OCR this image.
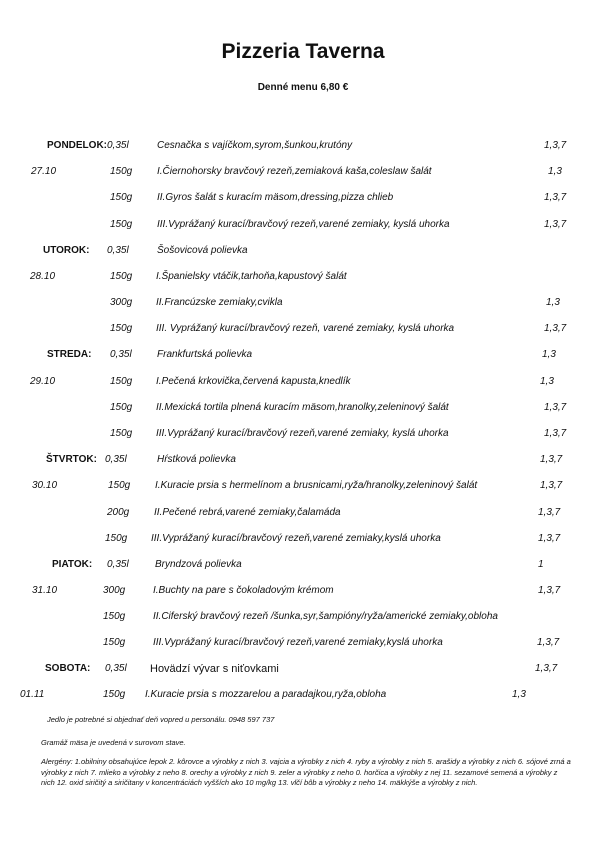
Pizzeria Taverna
Denné menu 6,80 €
PONDELOK: 0,35l	Cesnačka s vajíčkom,syrom,šunkou,krutóny	1,3,7
27.10	150g I.Čiernohorsky bravčový rezeň,zemiaková kaša,coleslaw šalát	1,3
150g II.Gyros šalát s kuracím mäsom,dressing,pizza chlieb	1,3,7
150g III.Vyprážaný kurací/bravčový rezeň,varené zemiaky, kyslá uhorka	1,3,7
UTOROK: 0,35l	Šošovicová polievka
28.10	150g I.Španielsky vtáčik,tarhoňa,kapustový šalát
300g II.Francúzske zemiaky,cvikla	1,3
150g III. Vyprážaný kurací/bravčový rezeň, varené zemiaky, kyslá uhorka	1,3,7
STREDA: 0,35l	Frankfurtská polievka	1,3
29.10	150g I.Pečená krkovička,červená kapusta,knedlík	1,3
150g II.Mexická tortila plnená kuracím mäsom,hranolky,zeleninový šalát	1,3,7
150g III.Vyprážaný kurací/bravčový rezeň,varené zemiaky, kyslá uhorka	1,3,7
ŠTVRTOK: 0,35l	Hŕstková polievka	1,3,7
30.10	150g I.Kuracie prsia s hermelínom a brusnicami,ryža/hranolky,zeleninový šalát	1,3,7
200g II.Pečené rebrá,varené zemiaky,čalamáda	1,3,7
150g III.Vyprážaný kurací/bravčový rezeň,varené zemiaky,kyslá uhorka	1,3,7
PIATOK: 0,35l	Bryndzová polievka	1
31.10	300g	I.Buchty na pare s čokoladovým krémom	1,3,7
150g	II.Ciferský bravčový rezeň /šunka,syr,šampióny/ryža/americké zemiaky,obloha
150g	III.Vyprážaný kurací/bravčový rezeň,varené zemiaky,kyslá uhorka	1,3,7
SOBOTA: 0,35l Hovädzí vývar s niťovkami	1,3,7
01.11	150g I.Kuracie prsia s mozzarelou a paradajkou,ryža,obloha	1,3
Jedlo je potrebné si objednať deň vopred u personálu. 0948 597 737
Gramáž mäsa je uvedená v surovom stave.
Alergény: 1.obilniny obsahujúce lepok 2. kôrovce a výrobky z nich 3. vajcia a výrobky z nich 4. ryby a výrobky z nich 5. arašidy a výrobky z nich 6. sójové zrná a výrobky z nich 7. mlieko a výrobky z neho 8. orechy a výrobky z nich 9. zeler a výrobky z neho 0. horčica a výrobky z nej 11. sezamové semená a výrobky z nich 12. oxid siričitý a siričitany v koncentráciách vyšších ako 10 mg/kg 13. vlčí bôb a výrobky z neho 14. mäkkýše a výrobky z nich.
